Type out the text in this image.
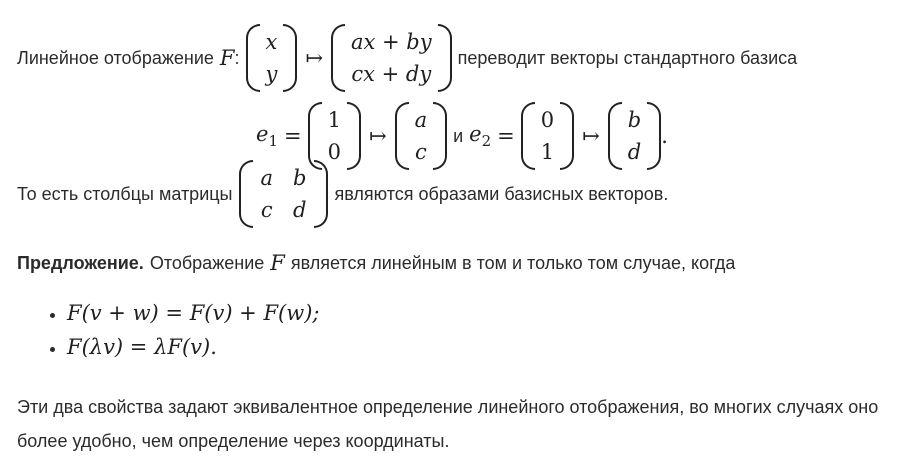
Линейное отображение F :
x
y
↦
ax + by
cx + dy
переводит векторы стандартного базиса
$e_1$ =
1
0
↦
a
c
и $e_2$ =
0
1
↦
b
d
.
То есть столбцы матрицы
a b
c d
являются образами базисных векторов.
Предложение. Отображение F является линейным в том и только том случае, когда
• F(v + w) = F(v) + F(w);
• F(λv) = λF(v).
Эти два свойства задают эквивалентное определение линейного отображения, во многих случаях оно более удобно, чем определение через координаты.
